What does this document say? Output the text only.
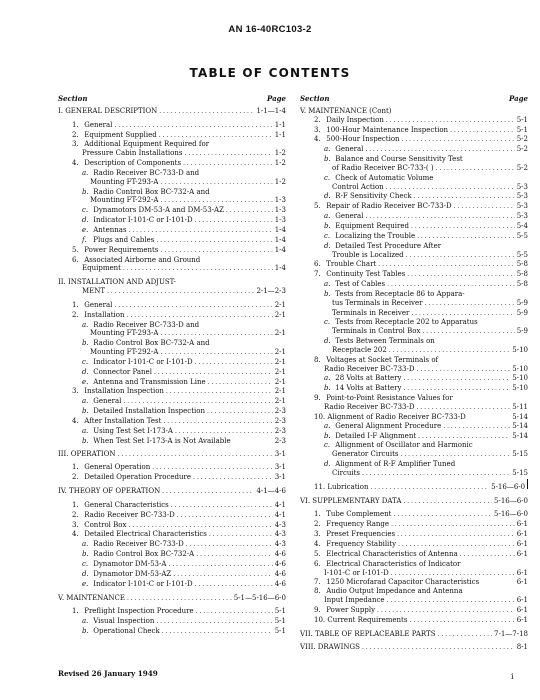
AN 16-40RC103-2
TABLE OF CONTENTS
Section	Page
I. GENERAL DESCRIPTION . . .	1-1—1-4
1. General . . .	1-1
2. Equipment Supplied . . .	1-1
3. Additional Equipment Required for
Pressure Cabin Installations . . .	1-2
4. Description of Components . . .	1-2
a. Radio Receiver BC-733-D and
Mounting FT-293-A . . .	1-2
b. Radio Control Box BC-732-A and
Mounting FT-292-A . . .	1-3
c. Dynamotors DM-53-A and DM-53-AZ . . .	1-3
d. Indicator I-101-C or I-101-D . . .	1-3
e. Antennas . . .	1-4
f. Plugs and Cables . . .	1-4
5. Power Requirements . . .	1-4
6. Associated Airborne and Ground
Equipment . . .	1-4
II. INSTALLATION AND ADJUST-
MENT . . .	2-1—2-3
1. General . . .	2-1
2. Installation . . .	2-1
a. Radio Receiver BC-733-D and
Mounting FT-293-A . . .	2-1
b. Radio Control Box BC-732-A and
Mounting FT-292-A . . .	2-1
c. Indicator I-101-C or I-101-D . . .	2-1
d. Connector Panel . . .	2-1
e. Antenna and Transmission Line . . .	2-1
3. Installation Inspection . . .	2-1
a. General . . .	2-1
b. Detailed Installation Inspection . . .	2-3
4. After Installation Test . . .	2-3
a. Using Test Set I-173-A . . .	2-3
b. When Test Set I-173-A is Not Available	2-3
III. OPERATION . . .	3-1
1. General Operation . . .	3-1
2. Detailed Operation Procedure . . .	3-1
IV. THEORY OF OPERATION . . .	4-1—4-6
1. General Characteristics . . .	4-1
2. Radio Receiver BC-733-D . . .	4-1
3. Control Box . . .	4-3
4. Detailed Electrical Characteristics . . .	4-3
a. Radio Receiver BC-733-D . . .	4-3
b. Radio Control Box BC-732-A . . .	4-6
c. Dynamotor DM-53-A . . .	4-6
d. Dynamotor DM-53-AZ . . .	4-6
e. Indicator I-101-C or I-101-D . . .	4-6
V. MAINTENANCE . . .	5-1—5-16—6-0
1. Preflight Inspection Procedure . . .	5-1
a. Visual Inspection . . .	5-1
b. Operational Check . . .	5-1
Section	Page
V. MAINTENANCE (Cont)
2. Daily Inspection . . .	5-1
3. 100-Hour Maintenance Inspection . . .	5-1
4. 500-Hour Inspection . . .	5-2
a. General . . .	5-2
b. Balance and Course Sensitivity Test
of Radio Receiver BC-733-( ) . . .	5-2
c. Check of Automatic Volume
Control Action . . .	5-3
d. R-F Sensitivity Check . . .	5-3
5. Repair of Radio Receiver BC-733-D . . .	5-3
a. General . . .	5-3
b. Equipment Required . . .	5-4
c. Localizing the Trouble . . .	5-5
d. Detailed Test Procedure After
Trouble is Localized . . .	5-5
6. Trouble Chart . . .	5-8
7. Continuity Test Tables . . .	5-8
a. Test of Cables . . .	5-8
b. Tests from Receptacle 86 to Appara-
tus Terminals in Receiver . . .	5-9
Terminals in Receiver . . .	5-9
c. Tests from Receptacle 202 to Apparatus
Terminals in Control Box . . .	5-9
d. Tests Between Terminals on
Receptacle 202 . . .	5-10
8. Voltages at Socket Terminals of
Radio Receiver BC-733-D . . .	5-10
a. 28 Volts at Battery . . .	5-10
b. 14 Volts at Battery . . .	5-10
9. Point-to-Point Resistance Values for
Radio Receiver BC-733-D . . .	5-11
10. Alignment of Radio Receiver BC-733-D	5-14
a. General Alignment Procedure . . .	5-14
b. Detailed I-F Alignment . . .	5-14
c. Allignment of Oscillator and Harmonic
Generator Circuits . . .	5-15
d. Alignment of R-F Amplifier Tuned
Circuits . . .	5-15
11. Lubrication . . .	5-16—6-0
VI. SUPPLEMENTARY DATA . . .	5-16—6-0
1. Tube Complement . . .	5-16—6-0
2. Frequency Range . . .	6-1
3. Preset Frequencies . . .	6-1
4. Frequency Stability . . .	6-1
5. Electrical Characteristics of Antenna . . .	6-1
6. Electrical Characteristics of Indicator
I-101-C or I-101-D . . .	6-1
7. 1250 Microfarad Capacitor Characteristics	6-1
8. Audio Output Impedance and Antenna
Input Impedance . . .	6-1
9. Power Supply . . .	6-1
10. Current Requirements . . .	6-1
VII. TABLE OF REPLACEABLE PARTS . . .	7-1—7-18
VIII. DRAWINGS . . .	8-1
Revised 26 January 1949	i
